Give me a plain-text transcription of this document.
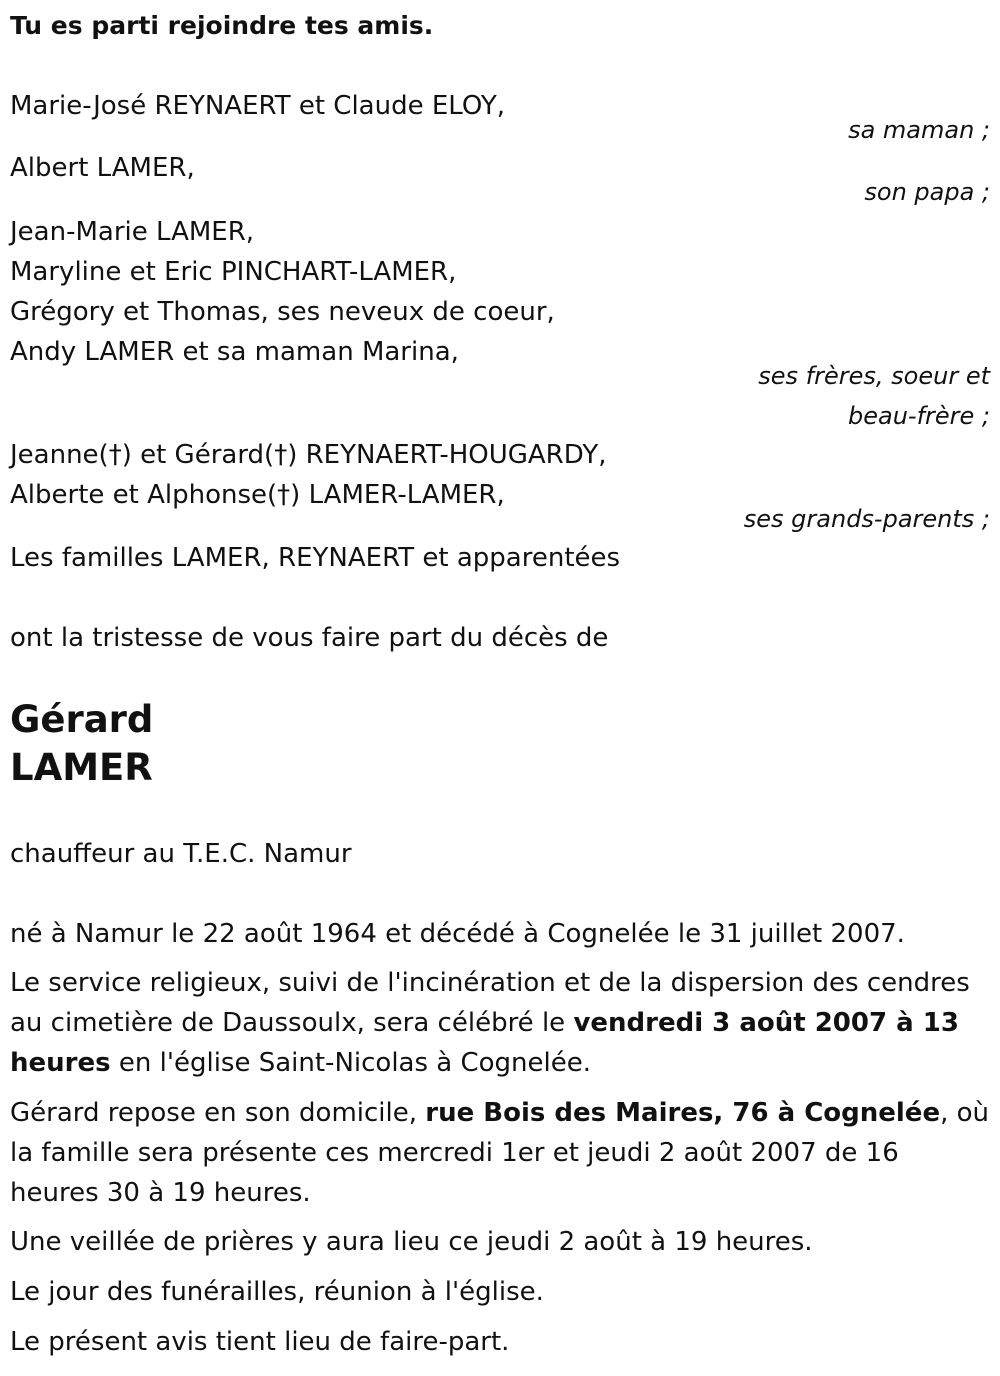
Tu es parti rejoindre tes amis.
Marie-José REYNAERT et Claude ELOY,
sa maman ;
Albert LAMER,
son papa ;
Jean-Marie LAMER,
Maryline et Eric PINCHART-LAMER,
Grégory et Thomas, ses neveux de coeur,
Andy LAMER et sa maman Marina,
ses frères, soeur et
beau-frère ;
Jeanne(†) et Gérard(†) REYNAERT-HOUGARDY,
Alberte et Alphonse(†) LAMER-LAMER,
ses grands-parents ;
Les familles LAMER, REYNAERT et apparentées
ont la tristesse de vous faire part du décès de
Gérard
LAMER
chauffeur au T.E.C. Namur
né à Namur le 22 août 1964 et décédé à Cognelée le 31 juillet 2007.
Le service religieux, suivi de l'incinération et de la dispersion des cendres au cimetière de Daussoulx, sera célébré le vendredi 3 août 2007 à 13 heures en l'église Saint-Nicolas à Cognelée.
Gérard repose en son domicile, rue Bois des Maires, 76 à Cognelée, où la famille sera présente ces mercredi 1er et jeudi 2 août 2007 de 16 heures 30 à 19 heures.
Une veillée de prières y aura lieu ce jeudi 2 août à 19 heures.
Le jour des funérailles, réunion à l'église.
Le présent avis tient lieu de faire-part.
